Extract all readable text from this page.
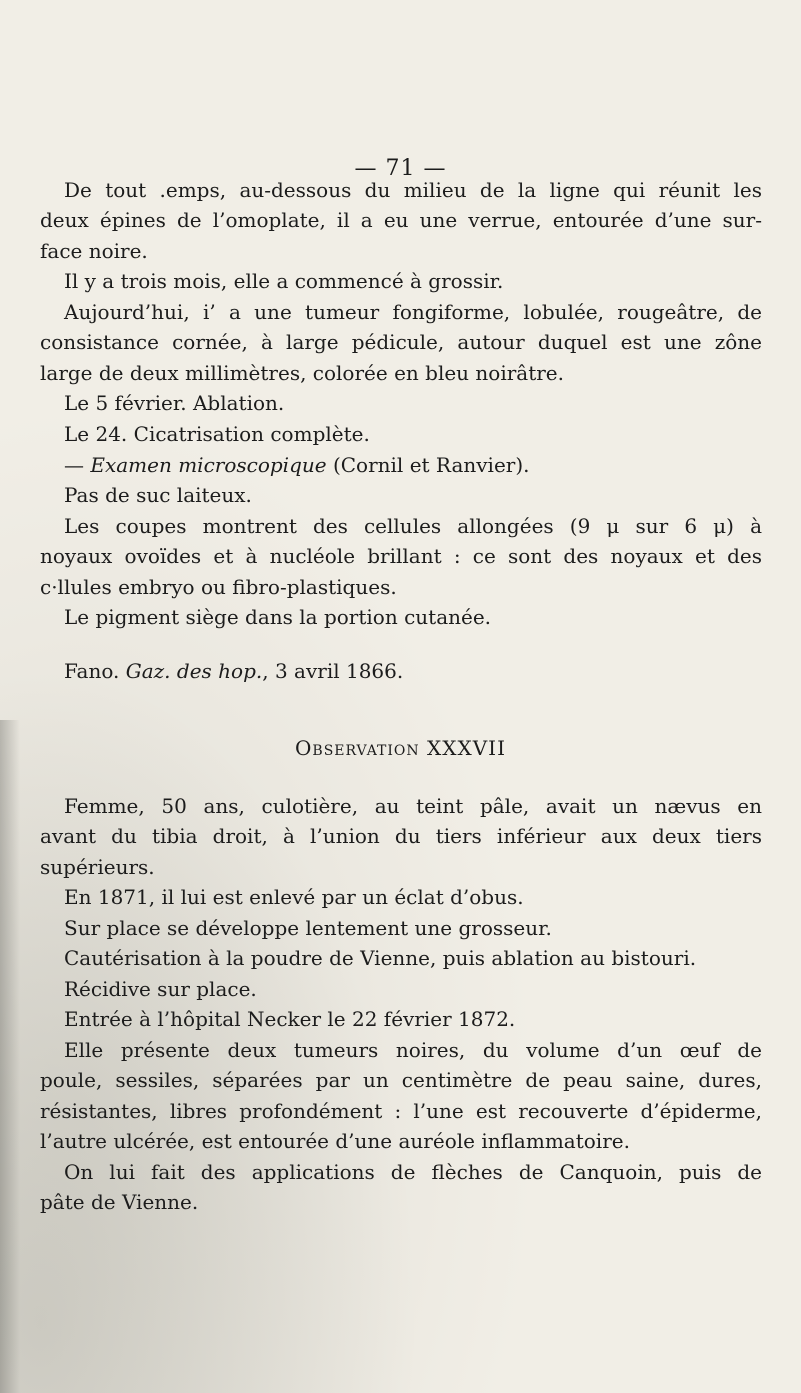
— 71 —
De tout .emps, au-dessous du milieu de la ligne qui réunit les
deux épines de l’omoplate, il a eu une verrue, entourée d’une sur-
face noire.
Il y a trois mois, elle a commencé à grossir.
Aujourd’hui, i’ a une tumeur fongiforme, lobulée, rougeâtre, de
consistance cornée, à large pédicule, autour duquel est une zône
large de deux millimètres, colorée en bleu noirâtre.
Le 5 février. Ablation.
Le 24. Cicatrisation complète.
— Examen microscopique (Cornil et Ranvier).
Pas de suc laiteux.
Les coupes montrent des cellules allongées (9 μ sur 6 μ) à
noyaux ovoïdes et à nucléole brillant : ce sont des noyaux et des
c·llules embryo ou fibro-plastiques.
Le pigment siège dans la portion cutanée.
Fano. Gaz. des hop., 3 avril 1866.
Observation XXXVII
Femme, 50 ans, culotière, au teint pâle, avait un nævus en
avant du tibia droit, à l’union du tiers inférieur aux deux tiers
supérieurs.
En 1871, il lui est enlevé par un éclat d’obus.
Sur place se développe lentement une grosseur.
Cautérisation à la poudre de Vienne, puis ablation au bistouri.
Récidive sur place.
Entrée à l’hôpital Necker le 22 février 1872.
Elle présente deux tumeurs noires, du volume d’un œuf de
poule, sessiles, séparées par un centimètre de peau saine, dures,
résistantes, libres profondément : l’une est recouverte d’épiderme,
l’autre ulcérée, est entourée d’une auréole inflammatoire.
On lui fait des applications de flèches de Canquoin, puis de
pâte de Vienne.
